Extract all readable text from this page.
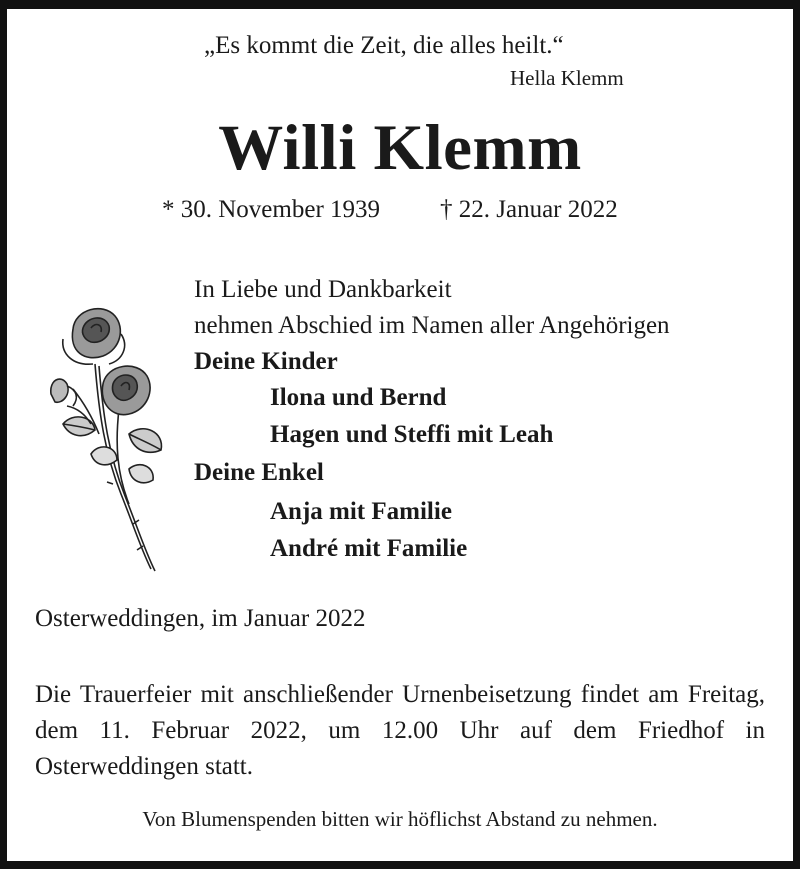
„Es kommt die Zeit, die alles heilt.“
Hella Klemm
Willi Klemm
* 30. November 1939 † 22. Januar 2022
In Liebe und Dankbarkeit
nehmen Abschied im Namen aller Angehörigen
Deine Kinder
Ilona und Bernd
Hagen und Steffi mit Leah
Deine Enkel
Anja mit Familie
André mit Familie
Osterweddingen, im Januar 2022
Die Trauerfeier mit anschließender Urnenbeisetzung findet am Freitag, dem 11. Februar 2022, um 12.00 Uhr auf dem Friedhof in Osterweddingen statt.
Von Blumenspenden bitten wir höflichst Abstand zu nehmen.
